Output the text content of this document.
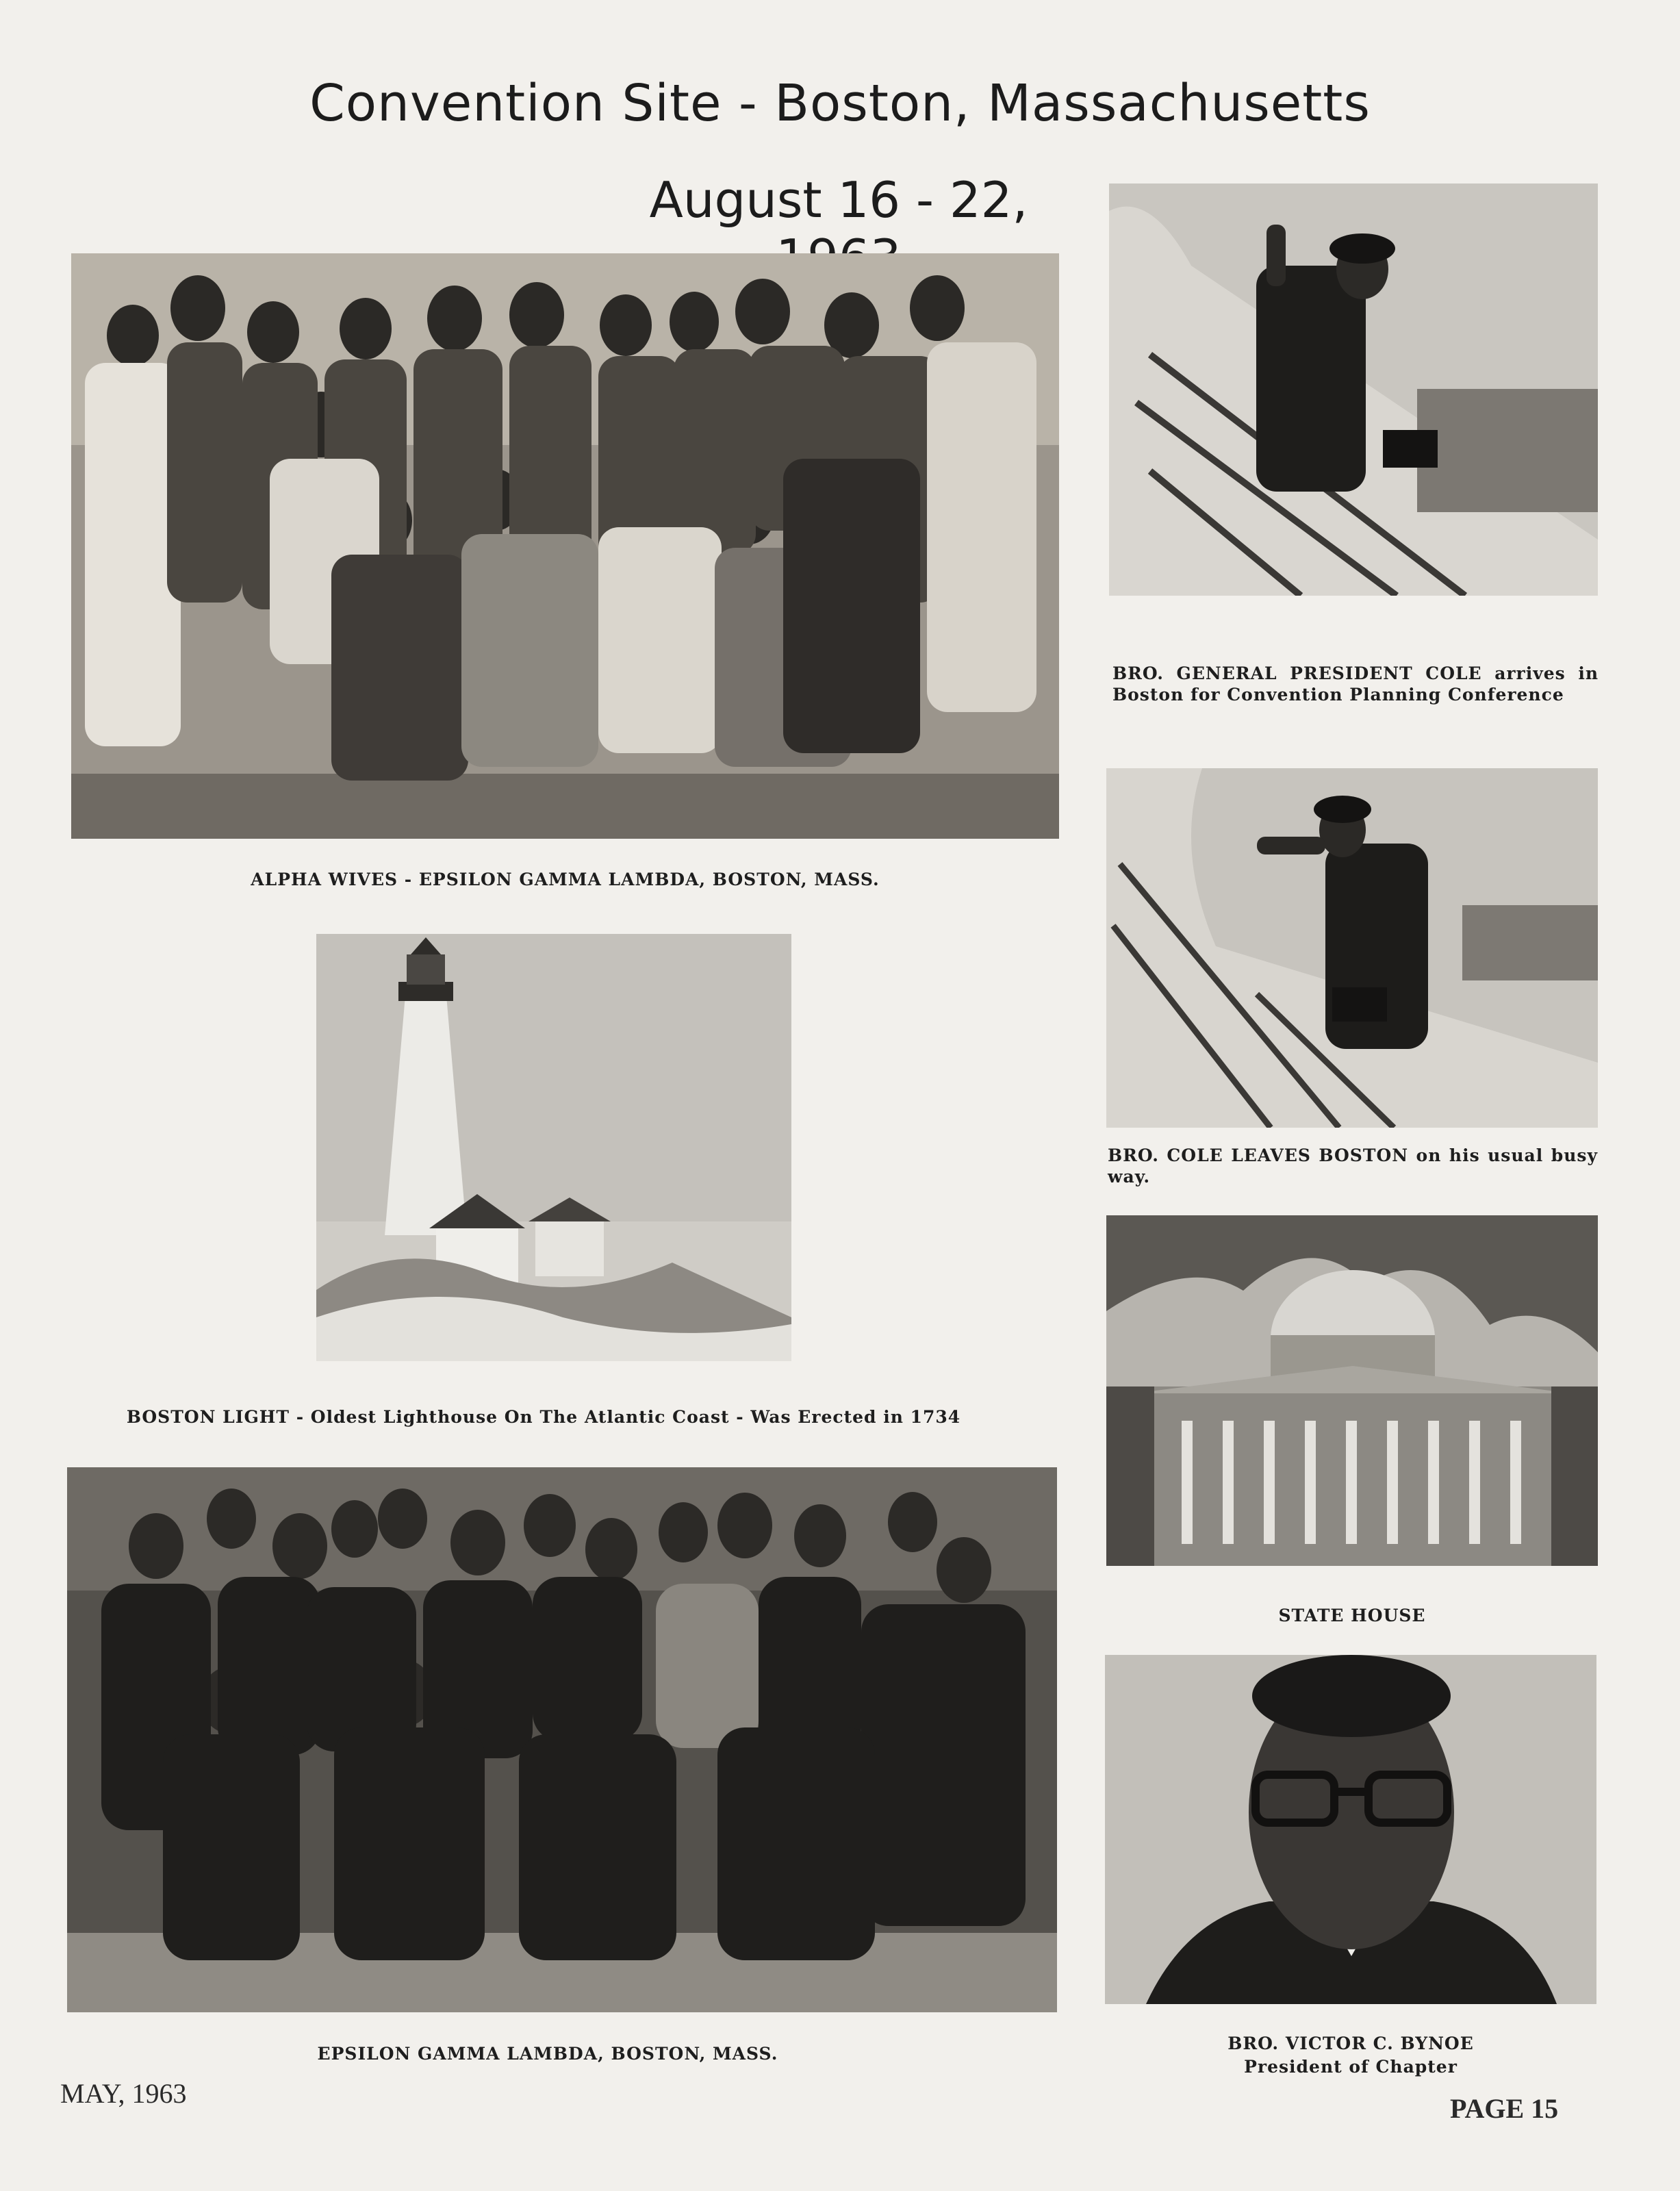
Convention Site - Boston, Massachusetts
August 16 - 22,
ALPHA WIVES - EPSILON GAMMA LAMBDA, BOSTON, MASS.
BRO. GENERAL PRESIDENT COLE arrives in Boston for Convention Planning Conference
BRO. COLE LEAVES BOSTON on his usual busy way.
BOSTON LIGHT - Oldest Lighthouse On The Atlantic Coast - Was Erected in 1734
STATE HOUSE
EPSILON GAMMA LAMBDA, BOSTON, MASS.
BRO. VICTOR C. BYNOE
President of Chapter
MAY, 1963	PAGE 15
